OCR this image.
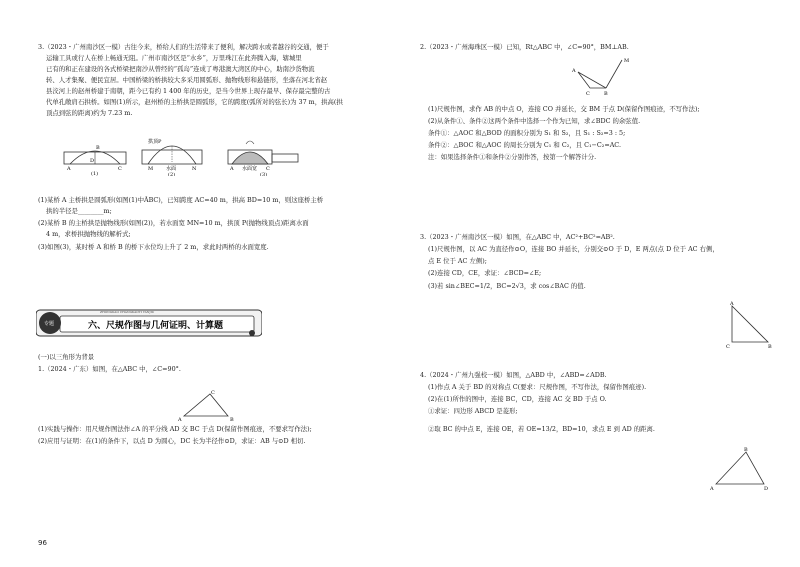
3.（2023・广州南沙区一模）古往今来，桥给人们的生活带来了便利，解决跨水或者越谷的交通，便于
运输工具或行人在桥上畅通无阻。广州市南沙区是“水乡”，万里珠江在此奔腾入海，辖城里
已有的和正在建设的各式桥梁把南沙从曾经的“孤岛”连成了粤港澳大湾区的中心，助南沙货物流
转、人才集聚、便民宜居。中国桥梁的桥拱较大多采用圆弧形、抛物线形和悬链形，坐落在河北省赵
县洨河上的赵州桥建于南朝，距今已有约 1 400 年的历史，是当今世界上现存最早、保存最完整的古
代单孔敞肩石拱桥。如图(1)所示，赵州桥的主桥拱是圆弧形，它的跨度(弧所对的弦长)为 37 m，拱高(拱
顶点到弦的距离)约为 7.23 m.
A	C
B
D
(1)
拱顶P
M	水面	N
(2)
水面宽
A	C
(3)
(1)某桥 A 主桥拱是圆弧形(如图(1)中ÂBC)，已知跨度 AC=40 m，拱高 BD=10 m，则这座桥主桥
拱的半径是________m;
(2)某桥 B 的主桥拱是抛物线形(如图(2))，若水面宽 MN=10 m，拱顶 P(抛物线顶点)距离水面
4 m，求桥拱抛物线的解析式;
(3)如图(3)，某时桥 A 和桥 B 的桥下水位均上升了 2 m，求此时两桥的水面宽度.
专题
ZHONGKAO CHANGKAOTI YANJIU
六、尺规作图与几何证明、计算题
(一)以三角形为背景
1.（2024・广东）如图，在△ABC 中，∠C=90°.
C
A	B
(1)实践与操作：用尺规作图法作∠A 的平分线 AD 交 BC 于点 D(保留作图痕迹，不要求写作法);
(2)应用与证明：在(1)的条件下，以点 D 为圆心，DC 长为半径作⊙D，求证：AB 与⊙D 相切.
96
2.（2023・广州海珠区一模）已知，Rt△ABC 中，∠C=90°，BM⊥AB.
A
C	B
M
(1)尺规作图，求作 AB 的中点 O，连接 CO 并延长，交 BM 于点 D(保留作图痕迹，不写作法);
(2)从条件①、条件②这两个条件中选择一个作为已知，求∠BDC 的余弦值.
条件①：△AOC 和△BOD 的面积分别为 S₁ 和 S₂，且 S₁ : S₂=3 : 5;
条件②：△BOC 和△AOC 的周长分别为 C₁ 和 C₂，且 C₁−C₂=AC.
注：如果选择条件①和条件②分别作答，按第一个解答计分.
3.（2023・广州南沙区一模）如图，在△ABC 中，AC²+BC²=AB².
(1)尺规作图，以 AC 为直径作⊙O，连接 BO 并延长，分别交⊙O 于 D，E 两点(点 D 位于 AC 右侧，
点 E 位于 AC 左侧);
(2)连接 CD，CE，求证：∠BCD=∠E;
(3)若 sin∠BEC=1/2，BC=2√3，求 cos∠BAC 的值.
A
C	B
4.（2024・广州九强校一模）如图，△ABD 中，∠ABD=∠ADB.
(1)作点 A 关于 BD 的对称点 C(要求：尺规作图，不写作法，保留作图痕迹).
(2)在(1)所作的图中，连接 BC，CD，连接 AC 交 BD 于点 O.
①求证：四边形 ABCD 是菱形;
②取 BC 的中点 E，连接 OE，若 OE=13/2，BD=10，求点 E 到 AD 的距离.
B
A	D
